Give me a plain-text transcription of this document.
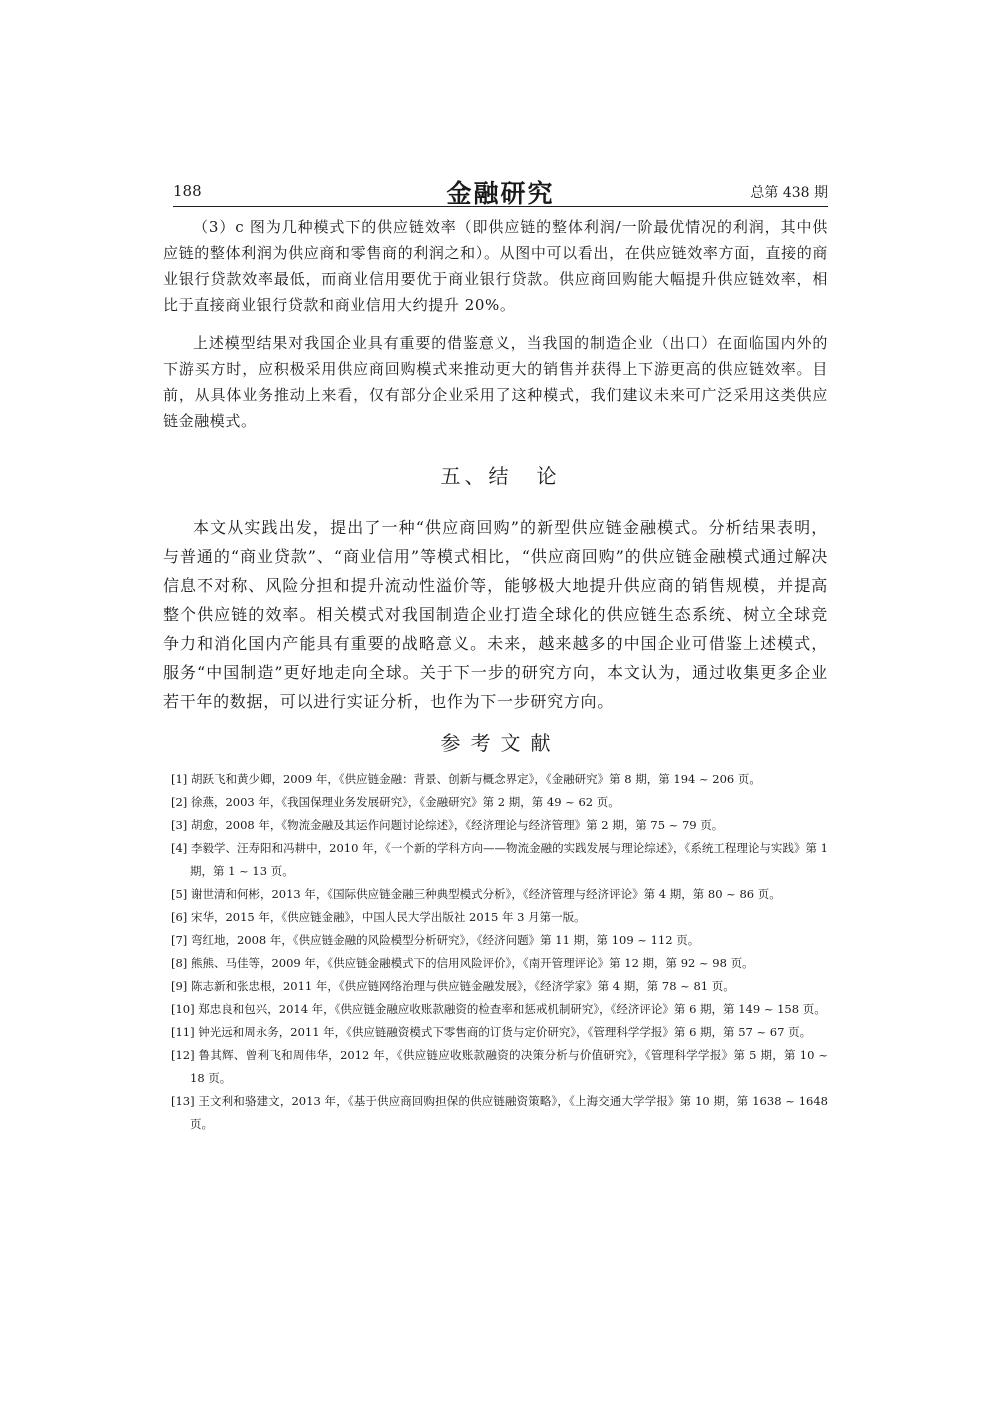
188	金融研究	总第 438 期

（3）c 图为几种模式下的供应链效率（即供应链的整体利润/一阶最优情况的利润，其中供应链的整体利润为供应商和零售商的利润之和）。从图中可以看出，在供应链效率方面，直接的商业银行贷款效率最低，而商业信用要优于商业银行贷款。供应商回购能大幅提升供应链效率，相比于直接商业银行贷款和商业信用大约提升 20%。

上述模型结果对我国企业具有重要的借鉴意义，当我国的制造企业（出口）在面临国内外的下游买方时，应积极采用供应商回购模式来推动更大的销售并获得上下游更高的供应链效率。目前，从具体业务推动上来看，仅有部分企业采用了这种模式，我们建议未来可广泛采用这类供应链金融模式。

五、结　论

本文从实践出发，提出了一种“供应商回购”的新型供应链金融模式。分析结果表明，与普通的“商业贷款”、“商业信用”等模式相比，“供应商回购”的供应链金融模式通过解决信息不对称、风险分担和提升流动性溢价等，能够极大地提升供应商的销售规模，并提高整个供应链的效率。相关模式对我国制造企业打造全球化的供应链生态系统、树立全球竞争力和消化国内产能具有重要的战略意义。未来，越来越多的中国企业可借鉴上述模式，服务“中国制造”更好地走向全球。关于下一步的研究方向，本文认为，通过收集更多企业若干年的数据，可以进行实证分析，也作为下一步研究方向。

参考文献
[1] 胡跃飞和黄少卿，2009 年，《供应链金融：背景、创新与概念界定》，《金融研究》第 8 期，第 194 ~ 206 页。
[2] 徐燕，2003 年，《我国保理业务发展研究》，《金融研究》第 2 期，第 49 ~ 62 页。
[3] 胡愈，2008 年，《物流金融及其运作问题讨论综述》，《经济理论与经济管理》第 2 期，第 75 ~ 79 页。
[4] 李毅学、汪寿阳和冯耕中，2010 年，《一个新的学科方向——物流金融的实践发展与理论综述》，《系统工程理论与实践》第 1 期，第 1 ~ 13 页。
[5] 谢世清和何彬，2013 年，《国际供应链金融三种典型模式分析》，《经济管理与经济评论》第 4 期，第 80 ~ 86 页。
[6] 宋华，2015 年，《供应链金融》，中国人民大学出版社 2015 年 3 月第一版。
[7] 弯红地，2008 年，《供应链金融的风险模型分析研究》，《经济问题》第 11 期，第 109 ~ 112 页。
[8] 熊熊、马佳等，2009 年，《供应链金融模式下的信用风险评价》，《南开管理评论》第 12 期，第 92 ~ 98 页。
[9] 陈志新和张忠根，2011 年，《供应链网络治理与供应链金融发展》，《经济学家》第 4 期，第 78 ~ 81 页。
[10] 郑忠良和包兴，2014 年，《供应链金融应收账款融资的检查率和惩戒机制研究》，《经济评论》第 6 期，第 149 ~ 158 页。
[11] 钟光远和周永务，2011 年，《供应链融资模式下零售商的订货与定价研究》，《管理科学学报》第 6 期，第 57 ~ 67 页。
[12] 鲁其辉、曾利飞和周伟华，2012 年，《供应链应收账款融资的决策分析与价值研究》，《管理科学学报》第 5 期，第 10 ~ 18 页。
[13] 王文利和骆建文，2013 年，《基于供应商回购担保的供应链融资策略》，《上海交通大学学报》第 10 期，第 1638 ~ 1648 页。
